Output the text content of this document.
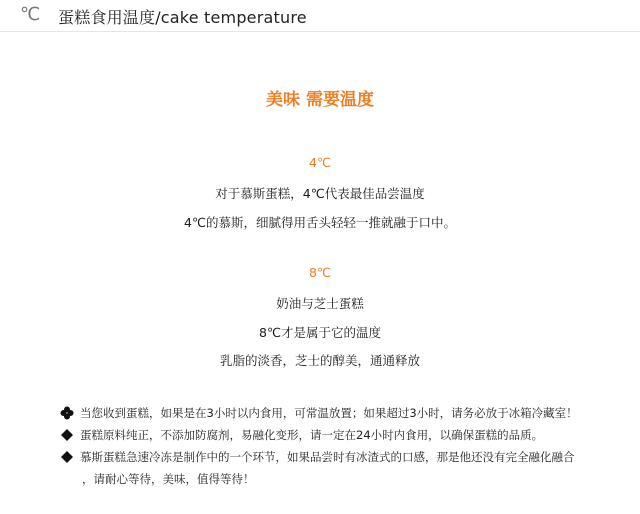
℃ 蛋糕食用温度/cake temperature
美味 需要温度
4℃
对于慕斯蛋糕，4℃代表最佳品尝温度
4℃的慕斯，细腻得用舌头轻轻一推就融于口中。
8℃
奶油与芝士蛋糕
8℃才是属于它的温度
乳脂的淡香，芝士的醇美，通通释放
当您收到蛋糕，如果是在3小时以内食用，可常温放置；如果超过3小时，请务必放于冰箱冷藏室！
蛋糕原料纯正，不添加防腐剂，易融化变形，请一定在24小时内食用，以确保蛋糕的品质。
慕斯蛋糕急速冷冻是制作中的一个环节，如果品尝时有冰渣式的口感，那是他还没有完全融化融合
，请耐心等待，美味，值得等待！
